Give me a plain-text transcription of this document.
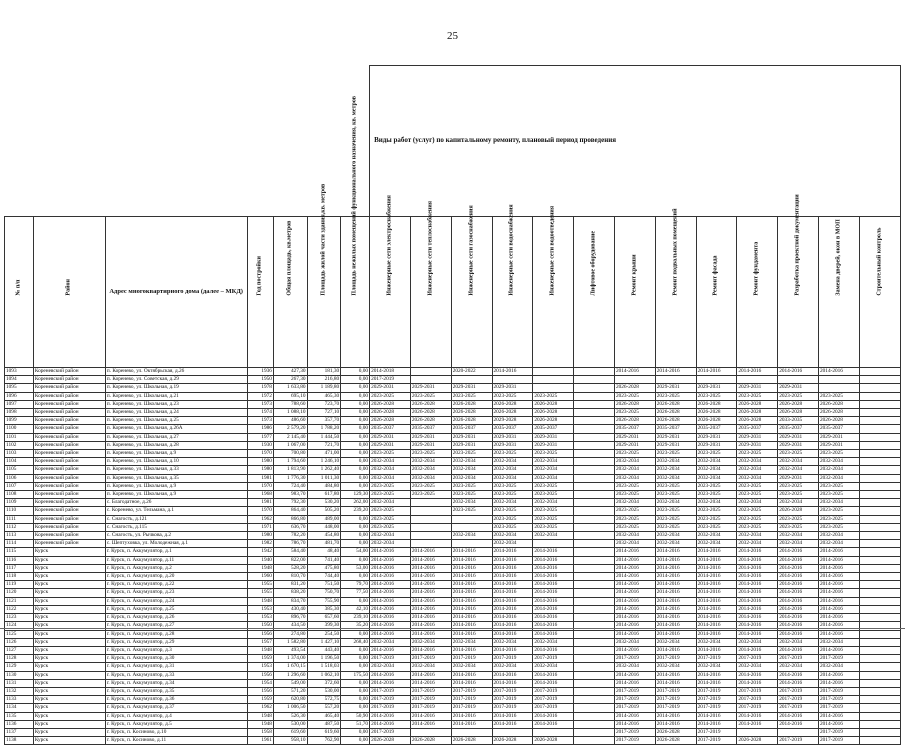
25
							Виды работ (услуг) по капитальному ремонту, плановый период проведения												
№ п/п	Район	Адрес многоквартирного дома (далее – МКД)	Год постройки	Общая площадь, кв.метров	Площадь жилой части здания,кв. метров	Площадь нежилых помещений функционального назначения, кв. метров	Инженерные сети электроснабжения	Инженерные сети теплоснабжения	Инженерные сети газоснабжения	Инженерные сети водоснабжения	Инженерные сети водоотведения	Лифтовое оборудование	Ремонт крыши	Ремонт подвальных помещений	Ремонт фасада	Ремонт фундамента	Разработка проектной документации	Замена дверей, окон в МОП	Строительный контроль
1093	Кореневский район	п. Коренево, ул. Октябрьская, д.26	1936	427,30	181,30	0,00	2014-2018		2020-2022	2014-2016			2014-2016	2014-2016	2014-2016	2014-2016	2014-2016	2014-2016	
1094	Кореневский район	п. Коренево, ул. Советская, д.29	1950	267,30	216,80	0,00	2017-2019												
1095	Кореневский район	п. Коренево, ул. Школьная, д.19	1978	1 633,80	1 189,80	0,00	2029-2031	2029-2031	2029-2031	2029-2031			2026-2028	2029-2031	2029-2031	2029-2031	2029-2031		
1096	Кореневский район	п. Коренево, ул. Школьная, д.21	1972	695,10	465,30	0,00	2023-2025	2023-2025	2023-2025	2023-2025	2023-2025		2023-2025	2023-2025	2023-2025	2023-2025	2023-2025	2023-2025	
1097	Кореневский район	п. Коренево, ул. Школьная, д.23	1973	788,60	723,70	0,00	2026-2028	2026-2028	2026-2028	2026-2028	2026-2028		2026-2028	2026-2028	2026-2028	2026-2028	2026-2028	2026-2028	
1098	Кореневский район	п. Коренево, ул. Школьная, д.24	1974	1 088,10	727,10	0,00	2026-2028	2026-2028	2026-2028	2026-2028	2026-2028		2023-2025	2026-2028	2026-2028	2026-2028	2026-2028	2026-2028	
1099	Кореневский район	п. Коренево, ул. Школьная, д.25	1973	486,60	357,70	0,00	2026-2028	2026-2028	2026-2028	2029-2028	2026-2028		2026-2028	2026-2028	2026-2028	2026-2028	2033-2035	2026-2028	
1100	Кореневский район	п. Коренево, ул. Школьная, д.26А	1986	2 579,20	1 788,20	0,00	2035-2037	2035-2037	2035-2037	2035-2037	2035-2037		2035-2037	2035-2037	2035-2037	2035-2037	2035-2037	2035-2037	
1101	Кореневский район	п. Коренево, ул. Школьная, д.27	1977	2 145,40	1 444,50	0,00	2029-2031	2029-2031	2029-2031	2029-2031	2029-2031		2029-2031	2029-2031	2029-2031	2029-2031	2029-2031	2029-2031	
1102	Кореневский район	п. Коренево, ул. Школьная, д.28	1930	1 067,00	721,70	0,00	2029-2031	2029-2031	2029-2031	2029-2031	2029-2031		2029-2031	2029-2031	2029-2031	2029-2031	2029-2031	2029-2031	
1103	Кореневский район	п. Коренево, ул. Школьная, д.9	1970	700,80	471,00	0,00	2023-2025	2023-2025	2023-2025	2023-2025	2023-2025		2023-2025	2023-2025	2023-2025	2023-2025	2023-2025	2023-2025	
1104	Кореневский район	п. Коренево, ул. Школьная, д.10	1980	1 794,60	1 246,10	0,00	2032-2034	2032-2034	2032-2034	2032-2034	2032-2034		2032-2034	2032-2034	2032-2034	2032-2034	2032-2034	2032-2034	
1105	Кореневский район	п. Коренево, ул. Школьная, д.33	1980	1 813,90	1 262,40	0,00	2032-2034	2032-2034	2032-2034	2032-2034	2032-2034		2032-2034	2032-2034	2032-2034	2032-2034	2032-2034	2032-2034	
1106	Кореневский район	п. Коренево, ул. Школьная, д.35	1981	1 776,30	1 011,30	0,00	2032-2034	2032-2034	2032-2034	2032-2034	2032-2034		2032-2034	2032-2034	2032-2034	2032-2034	2029-2031	2032-2034	
1107	Кореневский район	п. Коренево, ул. Школьная, д.9	1970	724,40	484,80	0,00	2023-2025	2023-2025	2023-2025	2023-2025	2023-2025		2023-2025	2023-2025	2023-2025	2023-2025	2023-2025	2023-2025	
1108	Кореневский район	п. Коренево, ул. Школьная, д.9	1968	983,70	617,80	129,30	2023-2025	2023-2025	2023-2025	2023-2025	2023-2025		2023-2025	2023-2025	2023-2025	2023-2025	2023-2025	2023-2025	
1109	Кореневский район	с. Благодатное, д.26	1981	792,30	530,20	262,00	2032-2034		2032-2034	2032-2034	2032-2034		2032-2034	2032-2034	2032-2034	2032-2034	2032-2034	2032-2034	
1110	Кореневский район	с. Коренево, ул. Тельмана, д.1	1970	864,40	505,20	239,20	2023-2025		2023-2025	2023-2025	2023-2025		2023-2025	2023-2025	2023-2025	2023-2025	2026-2028	2023-2025	
1111	Кореневский район	с. Снагость, д.121	1962	866,80	489,00	0,00	2023-2025			2023-2025	2023-2025		2023-2025	2023-2025	2023-2025	2023-2025	2023-2025	2023-2025	
1112	Кореневский район	с. Снагость, д.115	1971	636,70	448,00	0,00	2023-2025			2023-2025	2023-2025		2023-2025	2023-2025	2023-2025	2023-2025	2023-2025	2023-2025	
1113	Кореневский район	с. Снагость, ул. Рычкова, д.2	1980	782,20	454,80	0,00	2032-2034		2032-2034	2032-2034	2032-2034		2032-2034	2032-2034	2032-2034	2032-2034	2032-2034	2032-2034	
1114	Кореневский район	с. Шептуховка, ул. Молодежная, д.1	1982	786,70	481,70	0,00	2032-2034			2032-2034			2032-2034	2032-2034	2032-2034	2032-2034	2032-2034	2032-2034	
1115	Курск	г. Курск, п. Аккумулятор, д.1	1942	584,40	48,40	54,00	2014-2016	2014-2016	2014-2016	2014-2016	2014-2016		2014-2016	2014-2016	2014-2016	2014-2016	2014-2016	2014-2016	
1116	Курск	г. Курск, п. Аккумулятор, д.11	1940	822,00	741,40	0,00	2014-2016	2014-2016	2014-2016	2014-2016	2014-2016		2014-2016	2014-2016	2014-2016	2014-2016	2014-2016	2014-2016	
1117	Курск	г. Курск, п. Аккумулятор, д.2	1948	528,20	475,80	53,00	2014-2016	2014-2016	2014-2016	2014-2016	2014-2016		2014-2016	2014-2016	2014-2016	2014-2016	2014-2016	2014-2016	
1118	Курск	г. Курск, п. Аккумулятор, д.20	1960	810,70	744,40	0,00	2014-2016	2014-2016	2014-2016	2014-2016	2014-2016		2014-2016	2014-2016	2014-2016	2014-2016	2014-2016	2014-2016	
1119	Курск	г. Курск, п. Аккумулятор, д.22	1955	831,20	751,50	79,70	2014-2016	2014-2016	2014-2016	2014-2016	2014-2016		2014-2016	2014-2016	2014-2016	2014-2016	2014-2016	2014-2016	
1120	Курск	г. Курск, п. Аккумулятор, д.23	1955	838,20	750,70	77,50	2014-2016	2014-2016	2014-2016	2014-2016	2014-2016		2014-2016	2014-2016	2014-2016	2014-2016	2014-2016	2014-2016	
1121	Курск	г. Курск, п. Аккумулятор, д.24	1948	834,70	755,90	0,00	2014-2016	2014-2016	2014-2016	2014-2016	2014-2016		2014-2016	2014-2016	2014-2016	2014-2016	2014-2016	2014-2016	
1122	Курск	г. Курск, п. Аккумулятор, д.25	1953	430,40	385,30	42,10	2014-2016	2014-2016	2014-2016	2014-2016	2014-2016		2014-2016	2014-2016	2014-2016	2014-2016	2014-2016	2014-2016	
1123	Курск	г. Курск, п. Аккумулятор, д.26	1953	896,70	657,60	239,10	2014-2016	2014-2016	2014-2016	2014-2016	2014-2016		2014-2016	2014-2016	2014-2016	2014-2016	2014-2016	2014-2016	
1124	Курск	г. Курск, п. Аккумулятор, д.27	1950	434,50	399,30	35,20	2014-2016	2014-2016	2014-2016	2014-2016	2014-2016		2014-2016	2014-2016	2014-2016	2014-2016	2014-2016	2014-2016	
1125	Курск	г. Курск, п. Аккумулятор, д.28	1956	274,80	254,50	0,00	2014-2016	2014-2016	2014-2016	2014-2016	2014-2016		2014-2016	2014-2016	2014-2016	2014-2016	2014-2016	2014-2016	
1126	Курск	г. Курск, п. Аккумулятор, д.29	1957	1 582,80	1 427,10	268,40	2032-2034	2032-2034	2032-2034	2032-2034	2032-2034		2032-2034	2032-2034	2032-2034	2032-2034	2032-2034	2032-2034	
1127	Курск	г. Курск, п. Аккумулятор, д.3	1948	493,54	443,40	0,00	2014-2016	2014-2016	2014-2016	2014-2016	2014-2016		2014-2016	2014-2016	2014-2016	2014-2016	2014-2016	2014-2016	
1128	Курск	г. Курск, п. Аккумулятор, д.30	1959	1 374,00	1 196,50	0,00	2017-2019	2017-2019	2017-2019	2017-2019	2017-2019		2017-2019	2017-2019	2017-2019	2017-2019	2017-2019	2017-2019	
1129	Курск	г. Курск, п. Аккумулятор, д.31	1953	1 670,15	1 518,03	0,00	2032-2034	2032-2034	2032-2034	2032-2034	2032-2034		2032-2034	2032-2034	2032-2034	2032-2034	2032-2034	2032-2034	
1130	Курск	г. Курск, п. Аккумулятор, д.33	1956	1 296,60	1 062,10	175,50	2014-2016	2014-2016	2014-2016	2014-2016	2014-2016		2014-2016	2014-2016	2014-2016	2014-2016	2014-2016	2014-2016	
1131	Курск	г. Курск, п. Аккумулятор, д.34	1954	549,00	372,60	0,00	2014-2016	2014-2016	2014-2016	2014-2016	2014-2016		2014-2016	2014-2016	2014-2016	2014-2016	2014-2016	2014-2016	
1132	Курск	г. Курск, п. Аккумулятор, д.35	1956	571,20	530,00	0,00	2017-2019	2017-2019	2017-2019	2017-2019	2017-2019		2017-2019	2017-2019	2017-2019	2017-2019	2017-2019	2017-2019	
1133	Курск	г. Курск, п. Аккумулятор, д.36	1959	620,80	572,75	0,00	2017-2019	2017-2019	2017-2019	2017-2019	2017-2019		2017-2019	2017-2019	2017-2019	2017-2019	2017-2019	2017-2019	
1134	Курск	г. Курск, п. Аккумулятор, д.37	1962	1 006,50	557,20	0,00	2017-2019	2017-2019	2017-2019	2017-2019	2017-2019		2017-2019	2017-2019	2017-2019	2017-2019	2017-2019	2017-2019	
1135	Курск	г. Курск, п. Аккумулятор, д.4	1948	526,30	465,40	50,90	2014-2016	2014-2016	2014-2016	2014-2016	2014-2016		2014-2016	2014-2016	2014-2016	2014-2016	2014-2016	2014-2016	
1136	Курск	г. Курск, п. Аккумулятор, д.5	1948	530,00	487,50	51,70	2014-2016	2014-2016	2014-2016	2014-2016	2014-2016		2014-2016	2014-2016	2014-2016	2014-2016	2014-2016	2014-2016	
1137	Курск	г. Курск, п. Косиново, д.10	1958	619,60	619,60	0,00	2017-2019						2017-2019	2026-2028	2017-2019			2017-2019	
1138	Курск	г. Курск, п. Косиново, д.11	1961	958,10	762,90	0,00	2026-2028	2026-2028	2026-2028	2026-2028	2026-2028		2017-2019	2026-2028	2017-2019	2026-2028	2017-2019	2017-2019	
